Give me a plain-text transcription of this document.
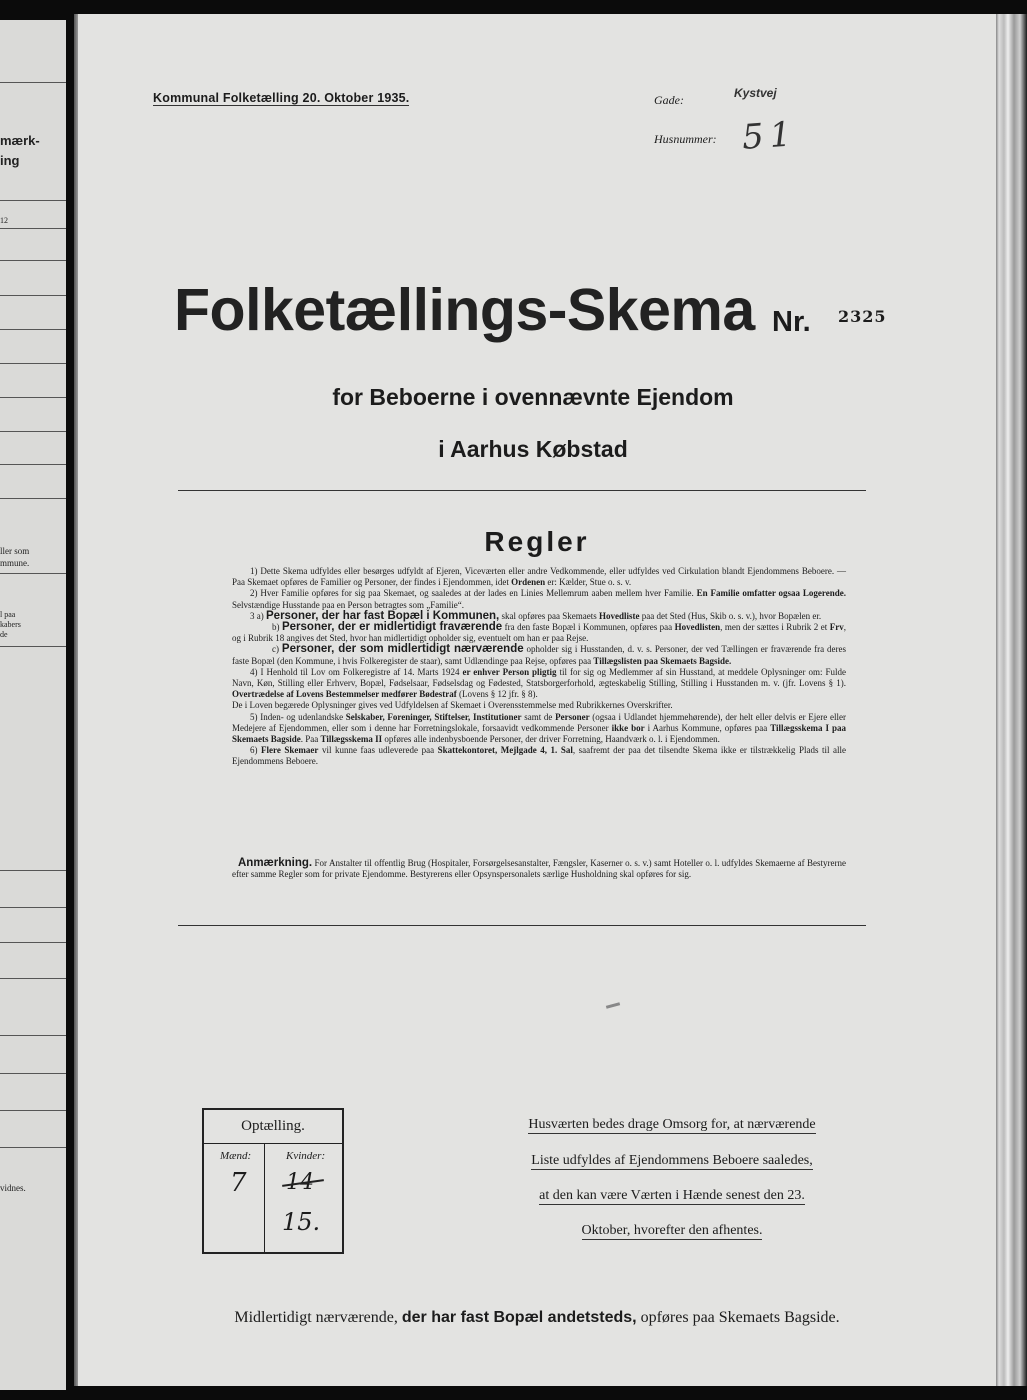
mærk-
ing
12
ller som
mmune.
l paa
kabers
de
vidnes.
Kommunal Folketælling 20. Oktober 1935.	Gade:	Kystvej
Husnummer: 51
Folketællings-Skema Nr. 2325
for Beboerne i ovennævnte Ejendom
i Aarhus Købstad
Regler

1) Dette Skema udfyldes eller besørges udfyldt af Ejeren, Viceværten eller andre Vedkommende, eller udfyldes ved Cirkulation blandt Ejendommens Beboere. — Paa Skemaet opføres de Familier og Personer, der findes i Ejendommen, idet Ordenen er: Kælder, Stue o. s. v.

2) Hver Familie opføres for sig paa Skemaet, og saaledes at der lades en Linies Mellemrum aaben mellem hver Familie. En Familie omfatter ogsaa Logerende. Selvstændige Husstande paa en Person betragtes som „Familie“.

3 a) Personer, der har fast Bopæl i Kommunen, skal opføres paa Skemaets Hovedliste paa det Sted (Hus, Skib o. s. v.), hvor Bopælen er.

b) Personer, der er midlertidigt fraværende fra den faste Bopæl i Kommunen, opføres paa Hovedlisten, men der sættes i Rubrik 2 et Frv, og i Rubrik 18 angives det Sted, hvor han midlertidigt opholder sig, eventuelt om han er paa Rejse.

c) Personer, der som midlertidigt nærværende opholder sig i Husstanden, d. v. s. Personer, der ved Tællingen er fraværende fra deres faste Bopæl (den Kommune, i hvis Folkeregister de staar), samt Udlændinge paa Rejse, opføres paa Tillægslisten paa Skemaets Bagside.

4) I Henhold til Lov om Folkeregistre af 14. Marts 1924 er enhver Person pligtig til for sig og Medlemmer af sin Husstand, at meddele Oplysninger om: Fulde Navn, Køn, Stilling eller Erhverv, Bopæl, Fødselsaar, Fødselsdag og Fødested, Statsborgerforhold, ægteskabelig Stilling, Stilling i Husstanden m. v. (jfr. Lovens § 1). Overtrædelse af Lovens Bestemmelser medfører Bødestraf (Lovens § 12 jfr. § 8).

De i Loven begærede Oplysninger gives ved Udfyldelsen af Skemaet i Overensstemmelse med Rubrikkernes Overskrifter.

5) Inden- og udenlandske Selskaber, Foreninger, Stiftelser, Institutioner samt de Personer (ogsaa i Udlandet hjemmehørende), der helt eller delvis er Ejere eller Medejere af Ejendommen, eller som i denne har Forretningslokale, forsaavidt vedkommende Personer ikke bor i Aarhus Kommune, opføres paa Tillægsskema I paa Skemaets Bagside. Paa Tillægsskema II opføres alle indenbysboende Personer, der driver Forretning, Haandværk o. l. i Ejendommen.

6) Flere Skemaer vil kunne faas udleverede paa Skattekontoret, Mejlgade 4, 1. Sal, saafremt der paa det tilsendte Skema ikke er tilstrækkelig Plads til alle Ejendommens Beboere.

Anmærkning. For Anstalter til offentlig Brug (Hospitaler, Forsørgelsesanstalter, Fængsler, Kaserner o. s. v.) samt Hoteller o. l. udfyldes Skemaerne af Bestyrerne efter samme Regler som for private Ejendomme. Bestyrerens eller Opsynspersonalets særlige Husholdning skal opføres for sig.

Optælling.
Mænd:	Kvinder:
7 14
15.
Husværten bedes drage Omsorg for, at nærværende
Liste udfyldes af Ejendommens Beboere saaledes,
at den kan være Værten i Hænde senest den 23.
Oktober, hvorefter den afhentes.
Midlertidigt nærværende, der har fast Bopæl andetsteds, opføres paa Skemaets Bagside.
